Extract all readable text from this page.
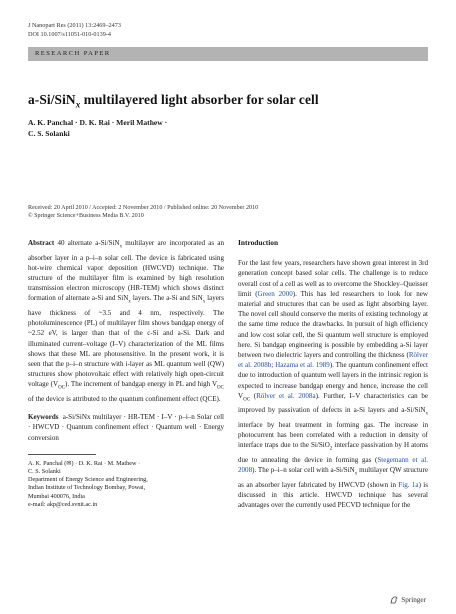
J Nanopart Res (2011) 13:2469–2473
DOI 10.1007/s11051-010-0139-4
RESEARCH PAPER
a-Si/SiN$_x$ multilayered light absorber for solar cell
A. K. Panchal · D. K. Rai · Meril Mathew ·
C. S. Solanki
Received: 20 April 2010 / Accepted: 2 November 2010 / Published online: 20 November 2010
© Springer Science+Business Media B.V. 2010
Abstract 40 alternate a-Si/SiN$_x$ multilayer are incorporated as an absorber layer in a p–i–n solar cell. The device is fabricated using hot-wire chemical vapor deposition (HWCVD) technique. The structure of the multilayer film is examined by high resolution transmission electron microscopy (HR-TEM) which shows distinct formation of alternate a-Si and SiN$_x$ layers. The a-Si and SiN$_x$ layers have thickness of ~3.5 and 4 nm, respectively. The photoluminescence (PL) of multilayer film shows bandgap energy of ~2.52 eV, is larger than that of the c-Si and a-Si. Dark and illuminated current–voltage (I–V) characterization of the ML films shows that these ML are photosensitive. In the present work, it is seen that the p–i–n structure with i-layer as ML quantum well (QW) structures show photovoltaic effect with relatively high open-circuit voltage $(V_{OC})$. The increment of bandgap energy in PL and high $V_{OC}$ of the device is attributed to the quantum confinement effect (QCE).
Keywords a-Si/SiNx multilayer · HR-TEM · I–V · p–i–n Solar cell · HWCVD · Quantum confinement effect · Quantum well · Energy conversion
A. K. Panchal (✉) · D. K. Rai · M. Mathew ·
C. S. Solanki
Department of Energy Science and Engineering,
Indian Institute of Technology Bombay, Powai,
Mumbai 400076, India
e-mail: akp@ced.svnit.ac.in
Introduction
For the last few years, researchers have shown great interest in 3rd generation concept based solar cells. The challenge is to reduce overall cost of a cell as well as to overcome the Shockley–Queisser limit (Green 2000). This has led researchers to look for new material and structures that can be used as light absorbing layer. The novel cell should conserve the merits of existing technology at the same time reduce the drawbacks. In pursuit of high efficiency and low cost solar cell, the Si quantum well structure is employed here. Si bandgap engineering is possible by embedding a-Si layer between two dielectric layers and controlling the thickness (Rölver et al. 2008b; Hazama et al. 1989). The quantum confinement effect due to introduction of quantum well layers in the intrinsic region is expected to increase bandgap energy and hence, increase the cell $V_{OC}$ (Rölver et al. 2008a). Further, I–V characteristics can be improved by passivation of defects in a-Si layers and a-Si/SiN$_x$ interface by heat treatment in forming gas. The increase in photocurrent has been correlated with a reduction in density of interface traps due to the Si/SiO$_2$ interface passivation by H atoms due to annealing the device in forming gas (Stegemann et al. 2008). The p–i–n solar cell with a-Si/SiN$_x$ multilayer QW structure as an absorber layer fabricated by HWCVD (shown in Fig. 1a) is discussed in this article. HWCVD technique has several advantages over the currently used PECVD technique for the
Springer
